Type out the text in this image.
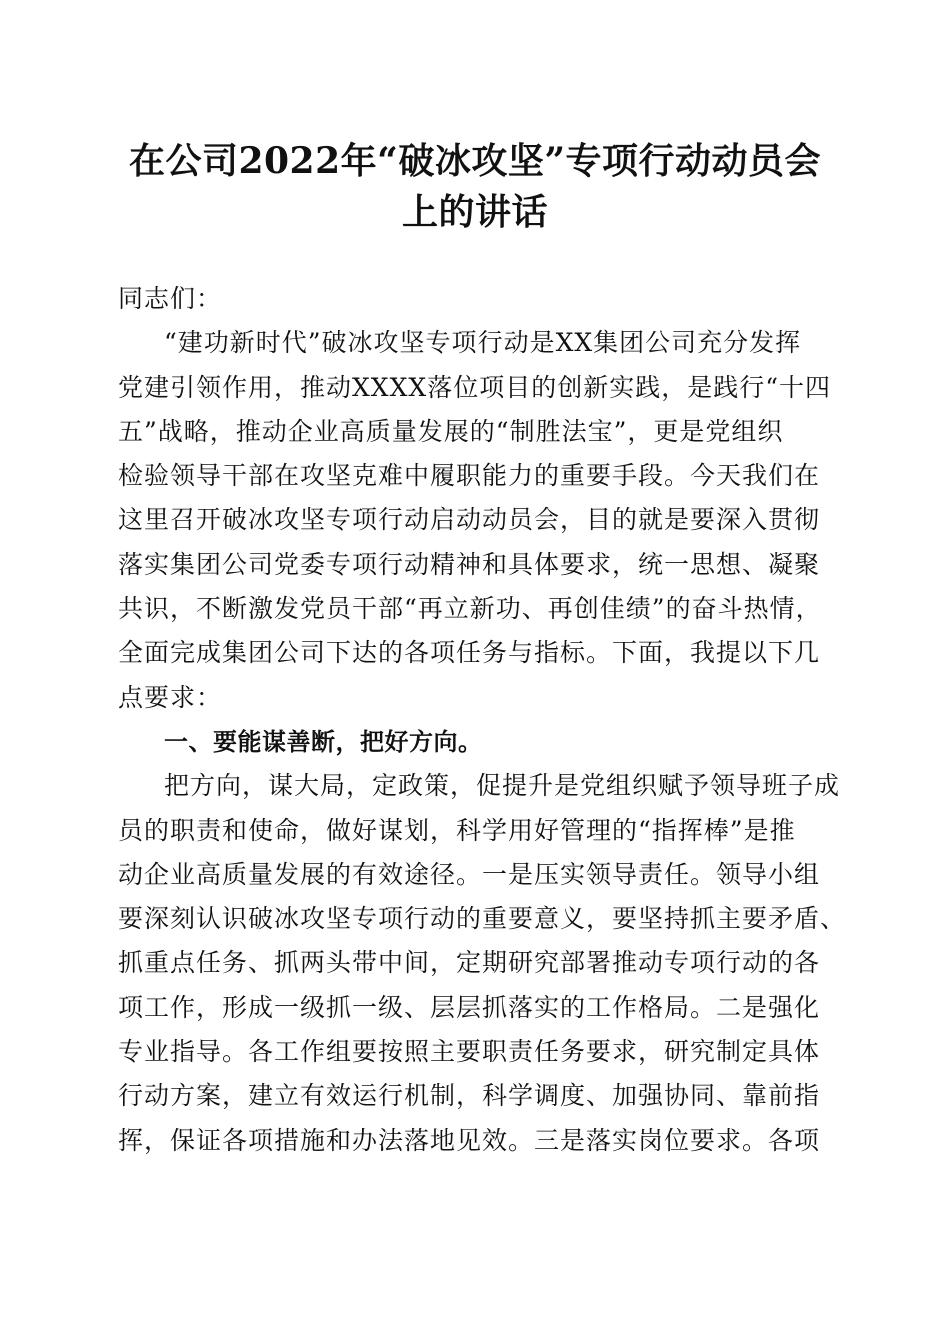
在公司2022年“破冰攻坚”专项行动动员会
上的讲话
同志们：
“建功新时代”破冰攻坚专项行动是XX集团公司充分发挥
党建引领作用，推动XXXX落位项目的创新实践，是践行“十四
五”战略，推动企业高质量发展的“制胜法宝”，更是党组织
检验领导干部在攻坚克难中履职能力的重要手段。今天我们在
这里召开破冰攻坚专项行动启动动员会，目的就是要深入贯彻
落实集团公司党委专项行动精神和具体要求，统一思想、凝聚
共识，不断激发党员干部“再立新功、再创佳绩”的奋斗热情，
全面完成集团公司下达的各项任务与指标。下面，我提以下几
点要求：
一、要能谋善断，把好方向。
把方向，谋大局，定政策，促提升是党组织赋予领导班子成
员的职责和使命，做好谋划，科学用好管理的“指挥棒”是推
动企业高质量发展的有效途径。一是压实领导责任。领导小组
要深刻认识破冰攻坚专项行动的重要意义，要坚持抓主要矛盾、
抓重点任务、抓两头带中间，定期研究部署推动专项行动的各
项工作，形成一级抓一级、层层抓落实的工作格局。二是强化
专业指导。各工作组要按照主要职责任务要求，研究制定具体
行动方案，建立有效运行机制，科学调度、加强协同、靠前指
挥，保证各项措施和办法落地见效。三是落实岗位要求。各项
